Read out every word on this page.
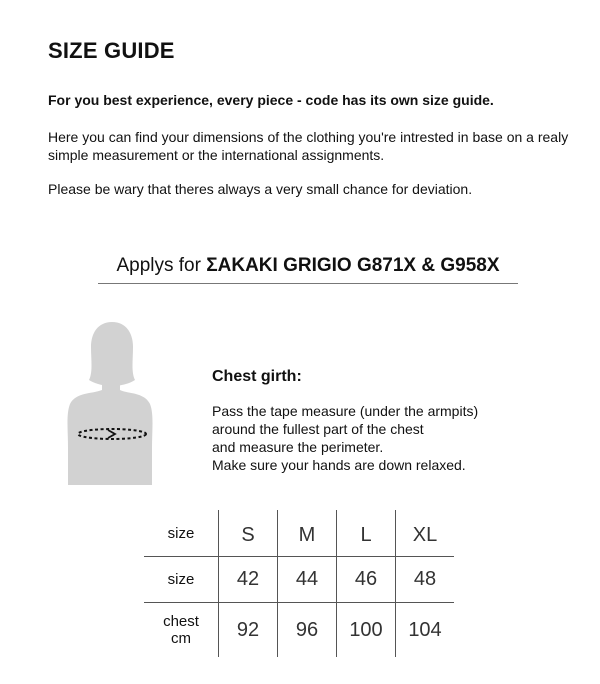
SIZE GUIDE
For you best experience, every piece - code has its own size guide.
Here you can find your dimensions of the clothing you're intrested in base on a realy simple measurement or the international assignments.
Please be wary that theres always a very small chance for deviation.
Applys for ΣAKAKI GRIGIO G871X & G958X
Chest girth:
Pass the tape measure (under the armpits)
around the fullest part of the chest
and measure the perimeter.
Make sure your hands are down relaxed.
size	S	M	L	XL
size	42	44	46	48

chest
cm	92	96	100	104
